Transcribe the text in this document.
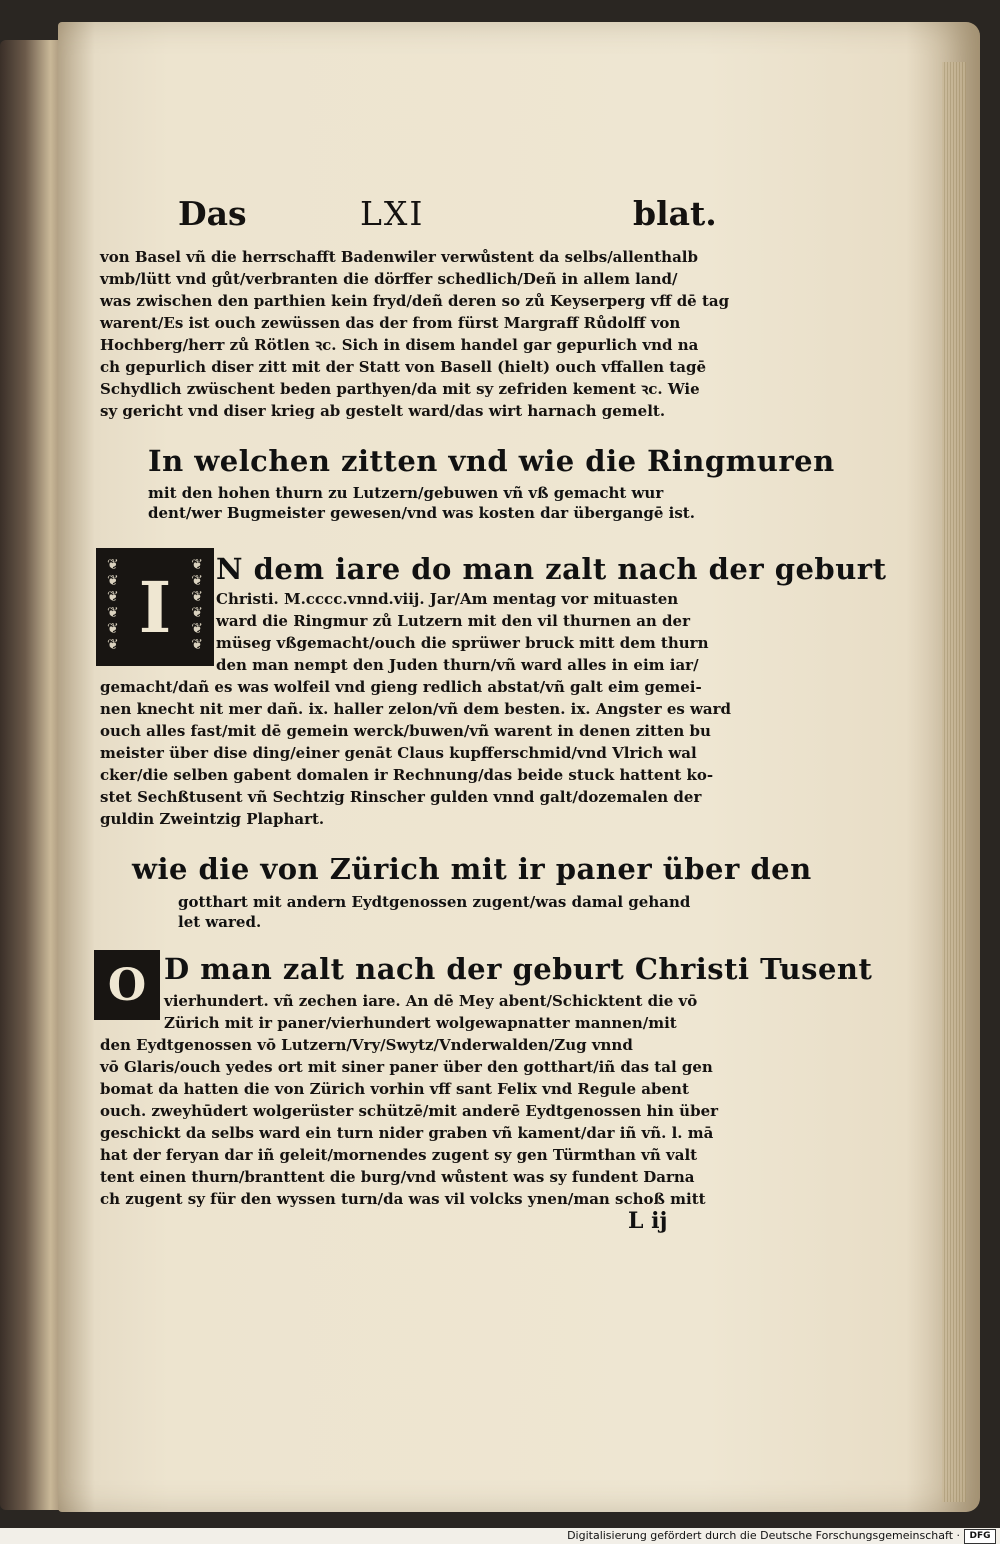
Das	LXI	blat.
von Basel vñ die herrschafft Badenwiler verwůstent da selbs/allenthalb
vmb/lütt vnd gůt/verbranten die dörffer schedlich/Deñ in allem land/
was zwischen den parthien kein fryd/deñ deren so zů Keyserperg vff dē tag
warent/Es ist ouch zewüssen das der from fürst Margraff Růdolff von
Hochberg/herr zů Rötlen ꝛc. Sich in disem handel gar gepurlich vnd na
ch gepurlich diser zitt mit der Statt von Basell (hielt) ouch vffallen tagē
Schydlich zwüschent beden parthyen/da mit sy zefriden kement ꝛc. Wie
sy gericht vnd diser krieg ab gestelt ward/das wirt harnach gemelt.
In welchen zitten vnd wie die Ringmuren
mit den hohen thurn zu Lutzern/gebuwen vñ vß gemacht wur
dent/wer Bugmeister gewesen/vnd was kosten dar übergangē ist.
❦
❦
❦
❦
❦
❦
❦
❦
❦
❦
❦
❦
I N dem iare do man zalt nach der geburt
Christi. M.cccc.vnnd.viij. Jar/Am mentag vor mituasten
ward die Ringmur zů Lutzern mit den vil thurnen an der
müseg vßgemacht/ouch die sprüwer bruck mitt dem thurn
den man nempt den Juden thurn/vñ ward alles in eim iar/
gemacht/dañ es was wolfeil vnd gieng redlich abstat/vñ galt eim gemei-
nen knecht nit mer dañ. ix. haller zelon/vñ dem besten. ix. Angster es ward
ouch alles fast/mit dē gemein werck/buwen/vñ warent in denen zitten bu
meister über dise ding/einer genāt Claus kupfferschmid/vnd Vlrich wal
cker/die selben gabent domalen ir Rechnung/das beide stuck hattent ko-
stet Sechßtusent vñ Sechtzig Rinscher gulden vnnd galt/dozemalen der
guldin Zweintzig Plaphart.
wie die von Zürich mit ir paner über den
gotthart mit andern Eydtgenossen zugent/was damal gehand
let wared.
O D man zalt nach der geburt Christi Tusent
vierhundert. vñ zechen iare. An dē Mey abent/Schicktent die vō
Zürich mit ir paner/vierhundert wolgewapnatter mannen/mit
den Eydtgenossen vō Lutzern/Vry/Swytz/Vnderwalden/Zug vnnd
vō Glaris/ouch yedes ort mit siner paner über den gotthart/iñ das tal gen
bomat da hatten die von Zürich vorhin vff sant Felix vnd Regule abent
ouch. zweyhūdert wolgerüster schützē/mit anderē Eydtgenossen hin über
geschickt da selbs ward ein turn nider graben vñ kament/dar iñ vñ. l. mā
hat der feryan dar iñ geleit/mornendes zugent sy gen Türmthan vñ valt
tent einen thurn/branttent die burg/vnd wůstent was sy fundent Darna
ch zugent sy für den wyssen turn/da was vil volcks ynen/man schoß mitt
L ij
Digitalisierung gefördert durch die Deutsche Forschungsgemeinschaft ·	DFG
